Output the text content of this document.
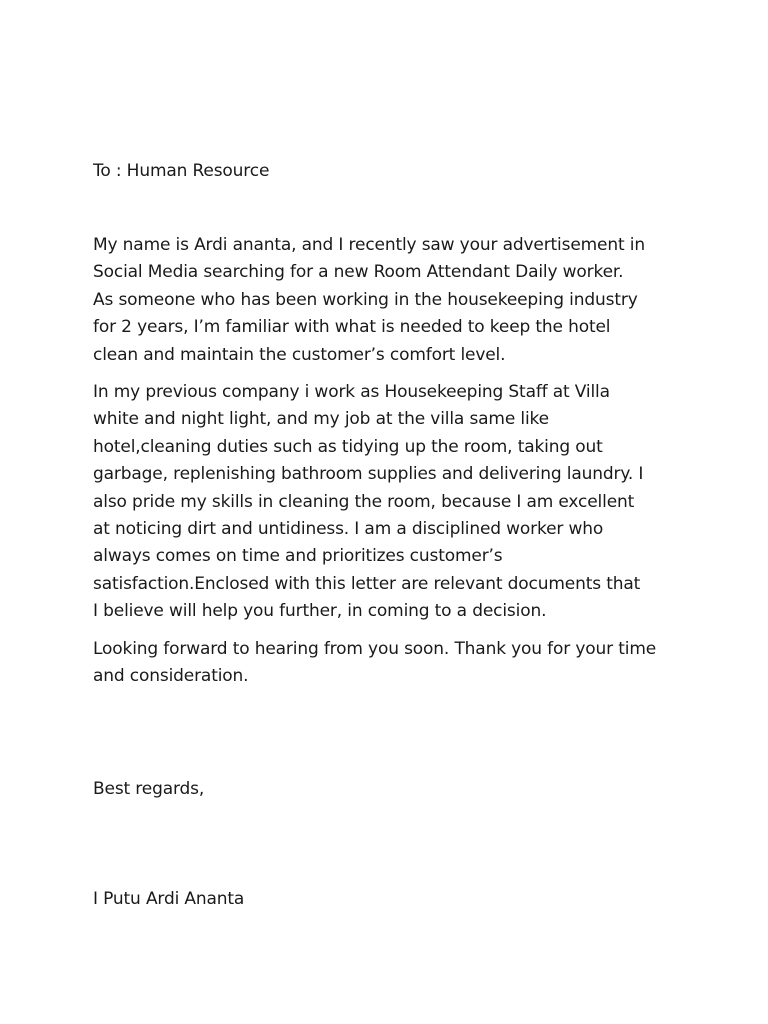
To : Human Resource

My name is Ardi ananta, and I recently saw your advertisement in
Social Media searching for a new Room Attendant Daily worker.
As someone who has been working in the housekeeping industry
for 2 years, I’m familiar with what is needed to keep the hotel
clean and maintain the customer’s comfort level.
In my previous company i work as Housekeeping Staff at Villa
white and night light, and my job at the villa same like
hotel,cleaning duties such as tidying up the room, taking out
garbage, replenishing bathroom supplies and delivering laundry. I
also pride my skills in cleaning the room, because I am excellent
at noticing dirt and untidiness. I am a disciplined worker who
always comes on time and prioritizes customer’s
satisfaction.Enclosed with this letter are relevant documents that
I believe will help you further, in coming to a decision.
Looking forward to hearing from you soon. Thank you for your time
and consideration.

Best regards,

I Putu Ardi Ananta
